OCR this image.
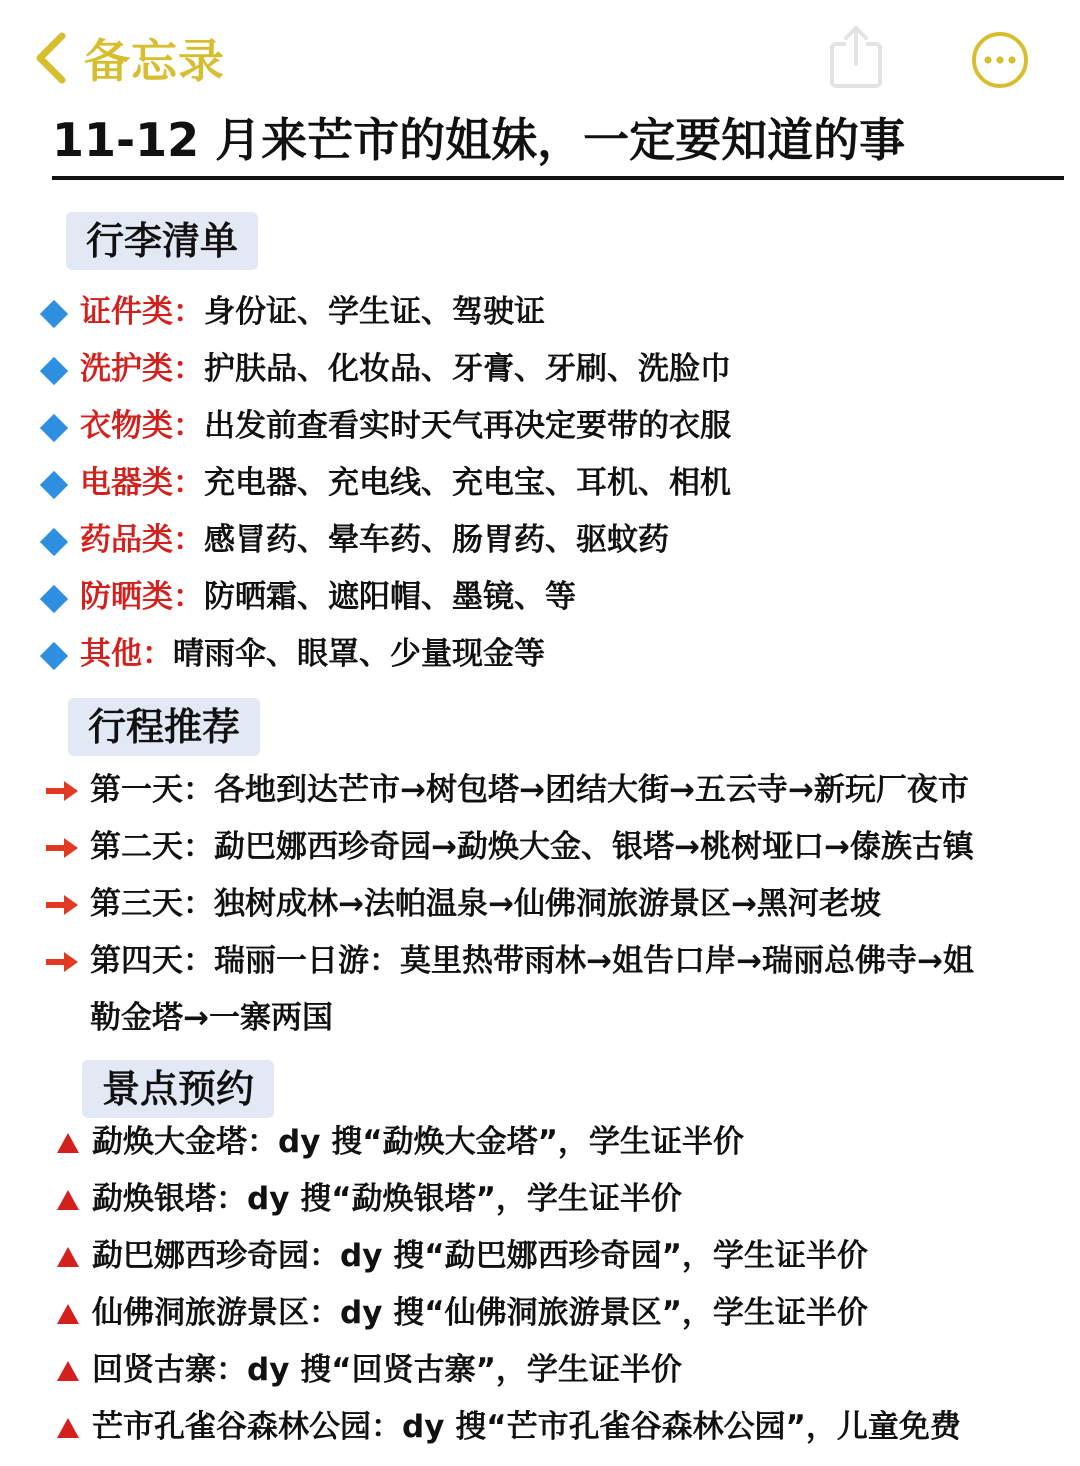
备忘录
11-12 月来芒市的姐妹，一定要知道的事
行李清单
证件类：身份证、学生证、驾驶证
洗护类：护肤品、化妆品、牙膏、牙刷、洗脸巾
衣物类：出发前查看实时天气再决定要带的衣服
电器类：充电器、充电线、充电宝、耳机、相机
药品类：感冒药、晕车药、肠胃药、驱蚊药
防晒类：防晒霜、遮阳帽、墨镜、等
其他：晴雨伞、眼罩、少量现金等
行程推荐
第一天：各地到达芒市→树包塔→团结大街→五云寺→新玩厂夜市
第二天：勐巴娜西珍奇园→勐焕大金、银塔→桃树垭口→傣族古镇
第三天：独树成林→法帕温泉→仙佛洞旅游景区→黑河老坡
第四天：瑞丽一日游：莫里热带雨林→姐告口岸→瑞丽总佛寺→姐
勒金塔→一寨两国
景点预约
勐焕大金塔：dy 搜“勐焕大金塔”，学生证半价
勐焕银塔：dy 搜“勐焕银塔”，学生证半价
勐巴娜西珍奇园：dy 搜“勐巴娜西珍奇园”，学生证半价
仙佛洞旅游景区：dy 搜“仙佛洞旅游景区”，学生证半价
回贤古寨：dy 搜“回贤古寨”，学生证半价
芒市孔雀谷森林公园：dy 搜“芒市孔雀谷森林公园”，儿童免费
